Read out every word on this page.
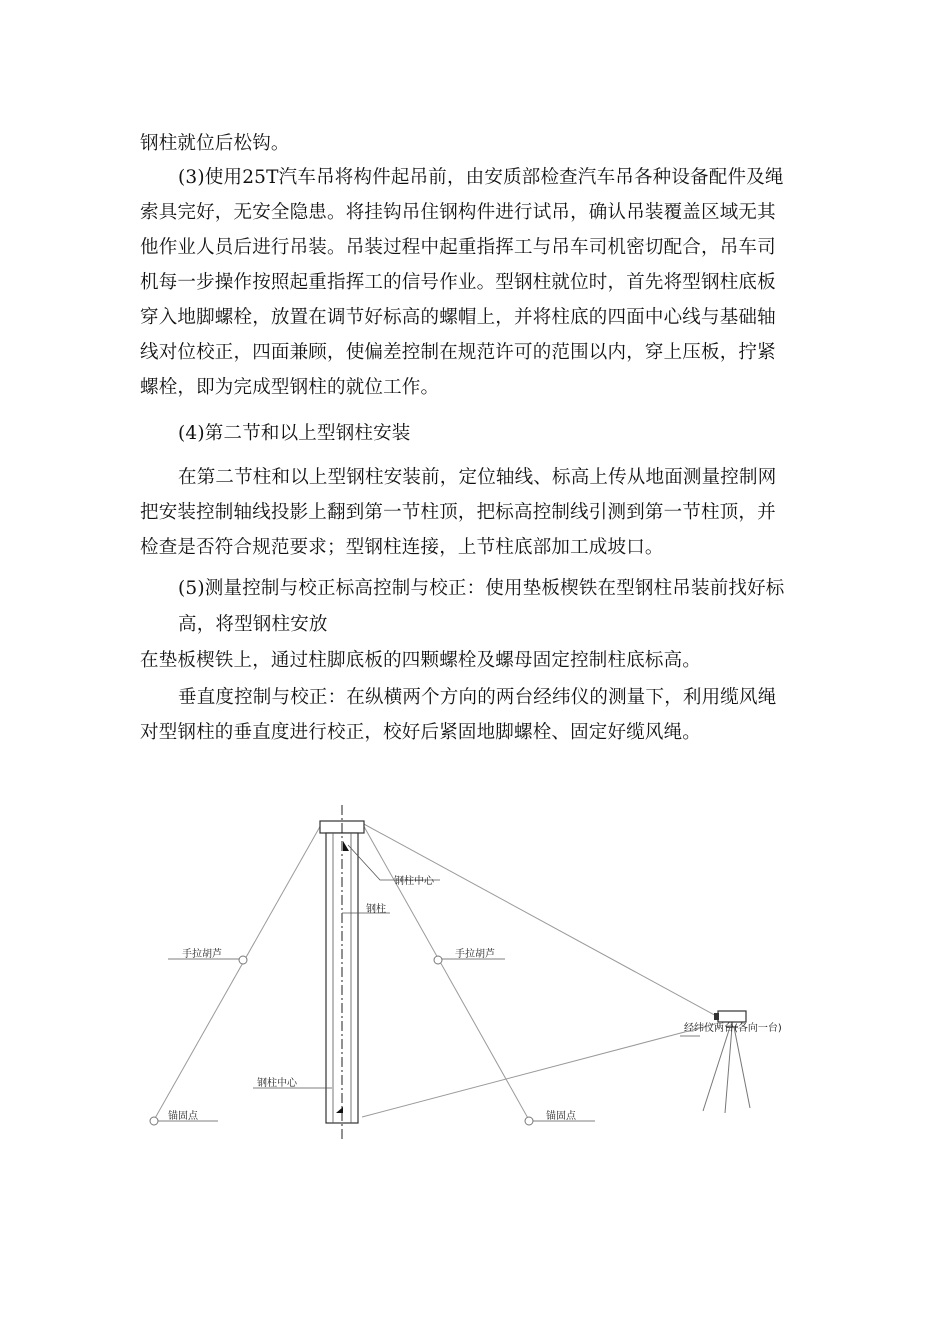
钢柱就位后松钩。
(3)使用25T汽车吊将构件起吊前，由安质部检查汽车吊各种设备配件及绳
索具完好，无安全隐患。将挂钩吊住钢构件进行试吊，确认吊装覆盖区域无其
他作业人员后进行吊装。吊装过程中起重指挥工与吊车司机密切配合，吊车司
机每一步操作按照起重指挥工的信号作业。型钢柱就位时，首先将型钢柱底板
穿入地脚螺栓，放置在调节好标高的螺帽上，并将柱底的四面中心线与基础轴
线对位校正，四面兼顾，使偏差控制在规范许可的范围以内，穿上压板，拧紧
螺栓，即为完成型钢柱的就位工作。
(4)第二节和以上型钢柱安装
在第二节柱和以上型钢柱安装前，定位轴线、标高上传从地面测量控制网
把安装控制轴线投影上翻到第一节柱顶，把标高控制线引测到第一节柱顶，并
检查是否符合规范要求；型钢柱连接，上节柱底部加工成坡口。
(5)测量控制与校正标高控制与校正：使用垫板楔铁在型钢柱吊装前找好标
高，将型钢柱安放
在垫板楔铁上，通过柱脚底板的四颗螺栓及螺母固定控制柱底标高。
垂直度控制与校正：在纵横两个方向的两台经纬仪的测量下，利用缆风绳
对型钢柱的垂直度进行校正，校好后紧固地脚螺栓、固定好缆风绳。
钢柱中心
钢柱
手拉胡芦	手拉胡芦
钢柱中心
锚固点	锚固点
经纬仪两台(各向一台)
